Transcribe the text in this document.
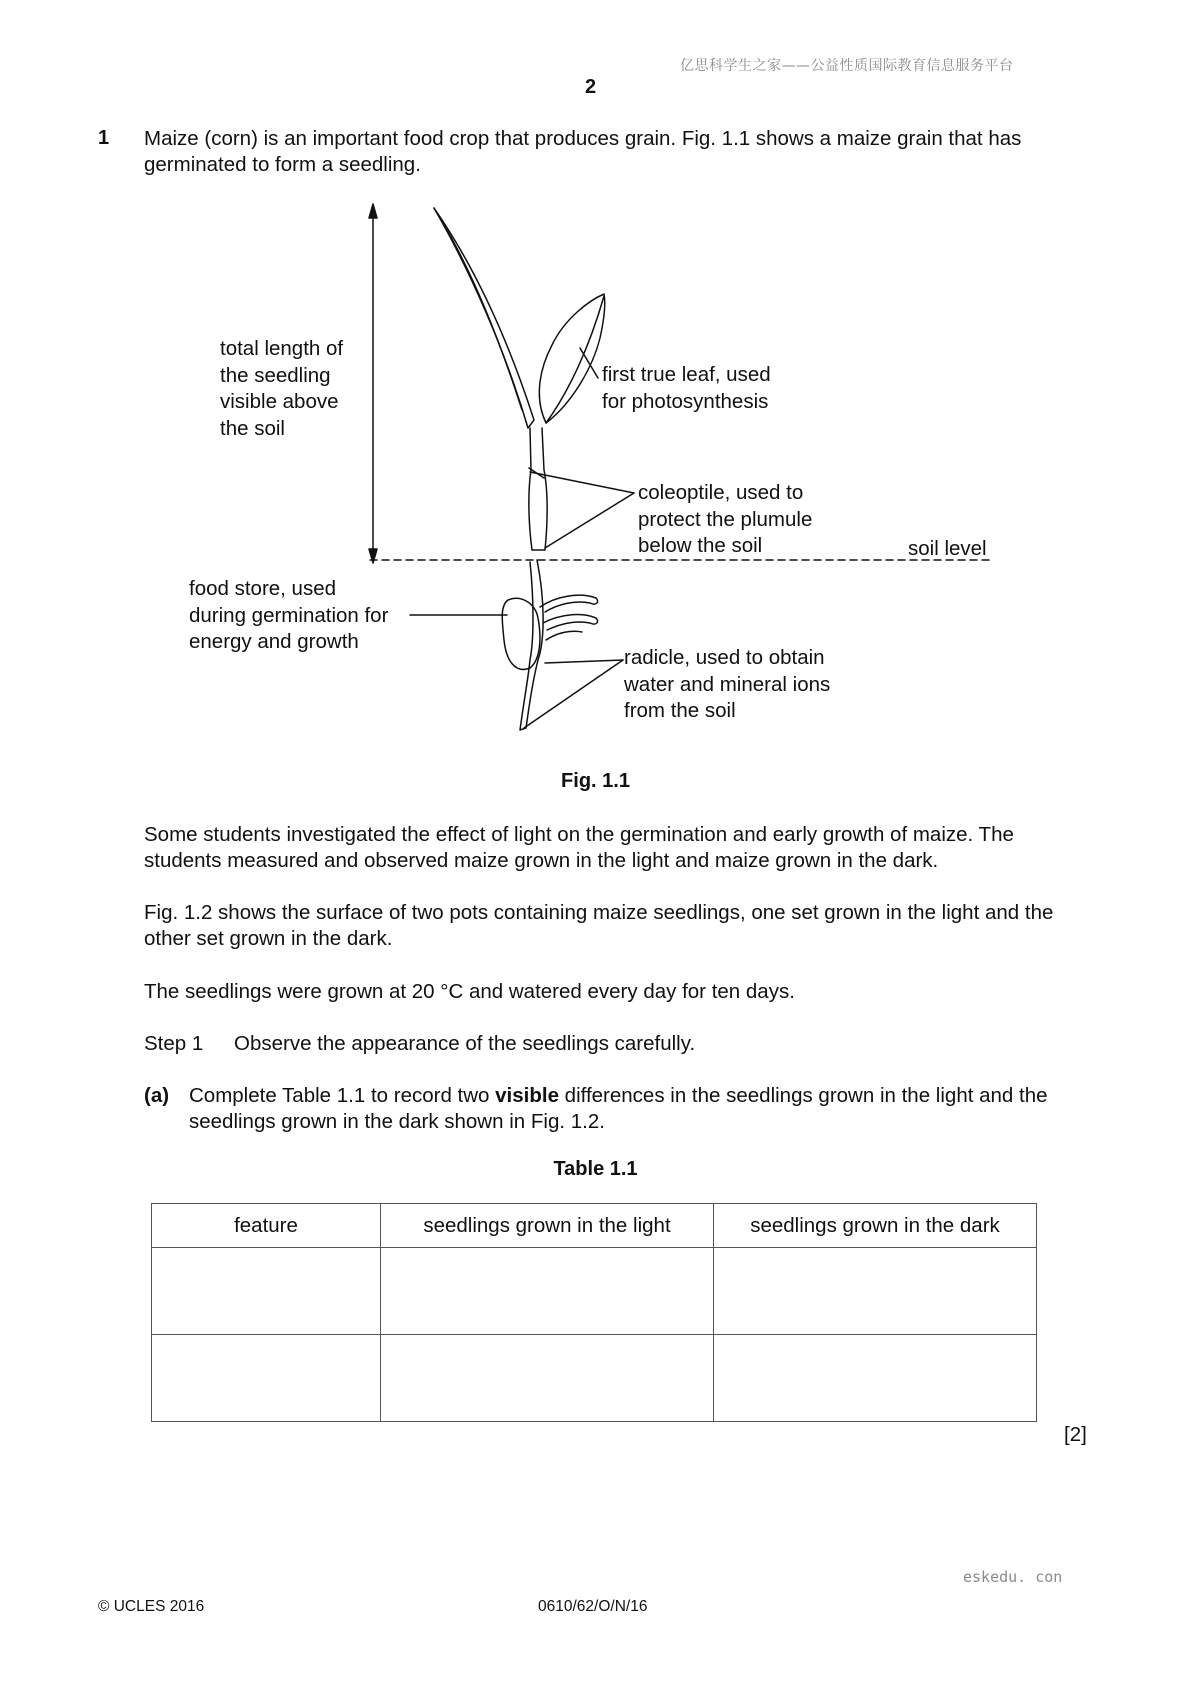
亿思科学生之家——公益性质国际教育信息服务平台
2
1 Maize (corn) is an important food crop that produces grain. Fig. 1.1 shows a maize grain that has germinated to form a seedling.
total length of
the seedling
visible above
the soil
first true leaf, used
for photosynthesis
coleoptile, used to
protect the plumule
below the soil	soil level
food store, used
during germination for
energy and growth
radicle, used to obtain
water and mineral ions
from the soil
Fig. 1.1
Some students investigated the effect of light on the germination and early growth of maize. The students measured and observed maize grown in the light and maize grown in the dark.
Fig. 1.2 shows the surface of two pots containing maize seedlings, one set grown in the light and the other set grown in the dark.
The seedlings were grown at 20 °C and watered every day for ten days.
Step 1 Observe the appearance of the seedlings carefully.
(a) Complete Table 1.1 to record two visible differences in the seedlings grown in the light and the seedlings grown in the dark shown in Fig. 1.2.
Table 1.1
feature	seedlings grown in the light	seedlings grown in the dark

[2]
eskedu. con
© UCLES 2016	0610/62/O/N/16
